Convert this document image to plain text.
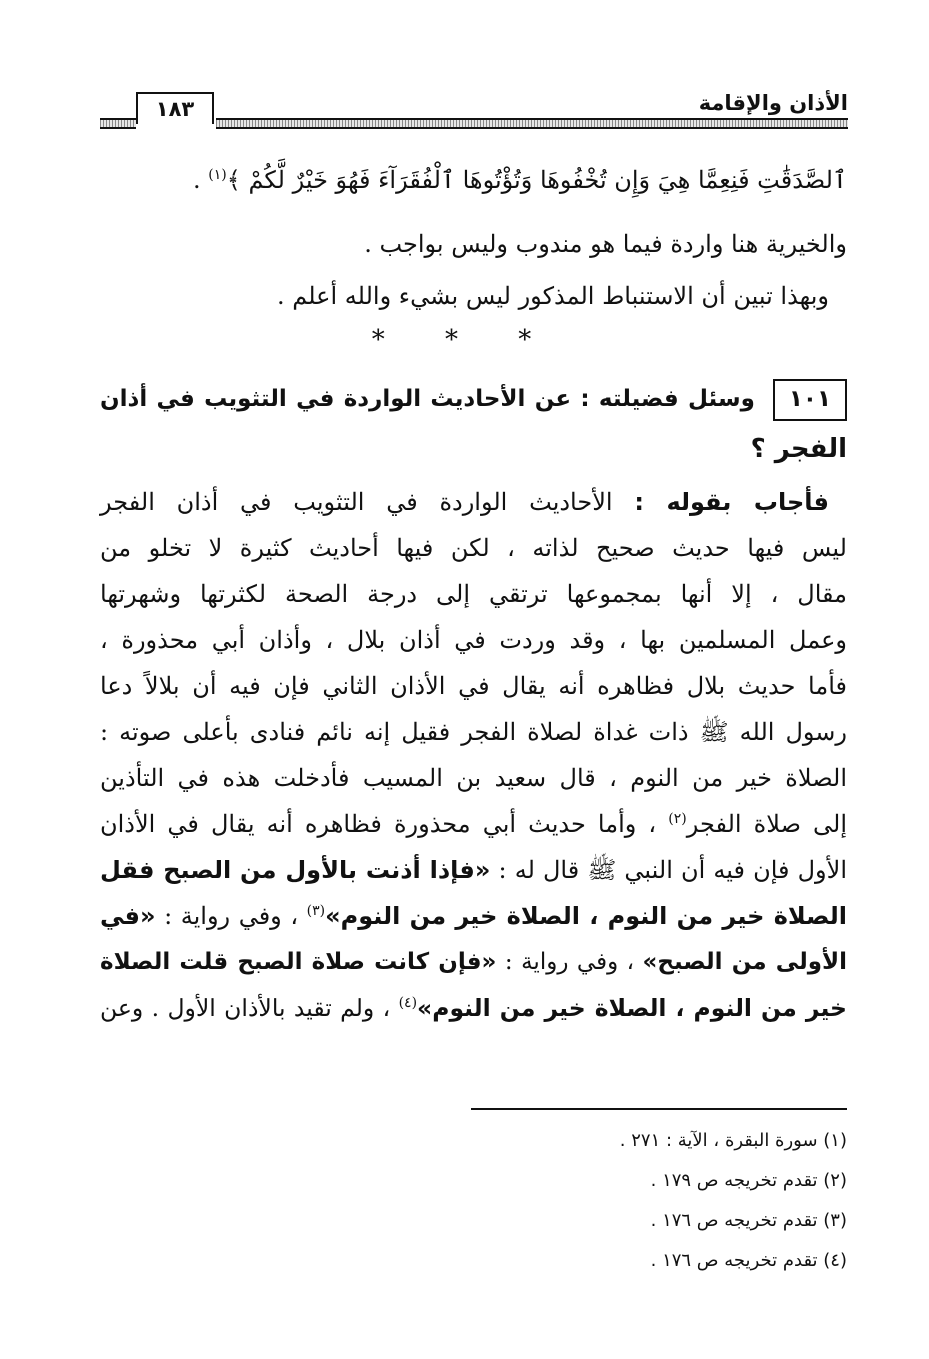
الأذان والإقامة
١٨٣
ٱلصَّدَقَٰتِ فَنِعِمَّا هِيَ وَإِن تُخْفُوهَا وَتُؤْتُوهَا ٱلْفُقَرَآءَ فَهُوَ خَيْرٌ لَّكُمْ ﴾$^{(١)}$ .
والخيرية هنا واردة فيما هو مندوب وليس بواجب .
وبهذا تبين أن الاستنباط المذكور ليس بشيء والله أعلم .
* * *
١٠١وسئل فضيلته : عن الأحاديث الواردة في التثويب في أذان
الفجر ؟
فأجاب بقوله : الأحاديث الواردة في التثويب في أذان الفجر
ليس فيها حديث صحيح لذاته ، لكن فيها أحاديث كثيرة لا تخلو من
مقال ، إلا أنها بمجموعها ترتقي إلى درجة الصحة لكثرتها وشهرتها
وعمل المسلمين بها ، وقد وردت في أذان بلال ، وأذان أبي محذورة ،
فأما حديث بلال فظاهره أنه يقال في الأذان الثاني فإن فيه أن بلالاً دعا
رسول الله ﷺ ذات غداة لصلاة الفجر فقيل إنه نائم فنادى بأعلى صوته :
الصلاة خير من النوم ، قال سعيد بن المسيب فأدخلت هذه في التأذين
إلى صلاة الفجر$^{(٢)}$ ، وأما حديث أبي محذورة فظاهره أنه يقال في الأذان
الأول فإن فيه أن النبي ﷺ قال له : «فإذا أذنت بالأول من الصبح فقل
الصلاة خير من النوم ، الصلاة خير من النوم»$^{(٣)}$ ، وفي رواية : «في
الأولى من الصبح» ، وفي رواية : «فإن كانت صلاة الصبح قلت الصلاة
خير من النوم ، الصلاة خير من النوم»$^{(٤)}$ ، ولم تقيد بالأذان الأول . وعن
(١) سورة البقرة ، الآية : ٢٧١ .
(٢) تقدم تخريجه ص ١٧٩ .
(٣) تقدم تخريجه ص ١٧٦ .
(٤) تقدم تخريجه ص ١٧٦ .
